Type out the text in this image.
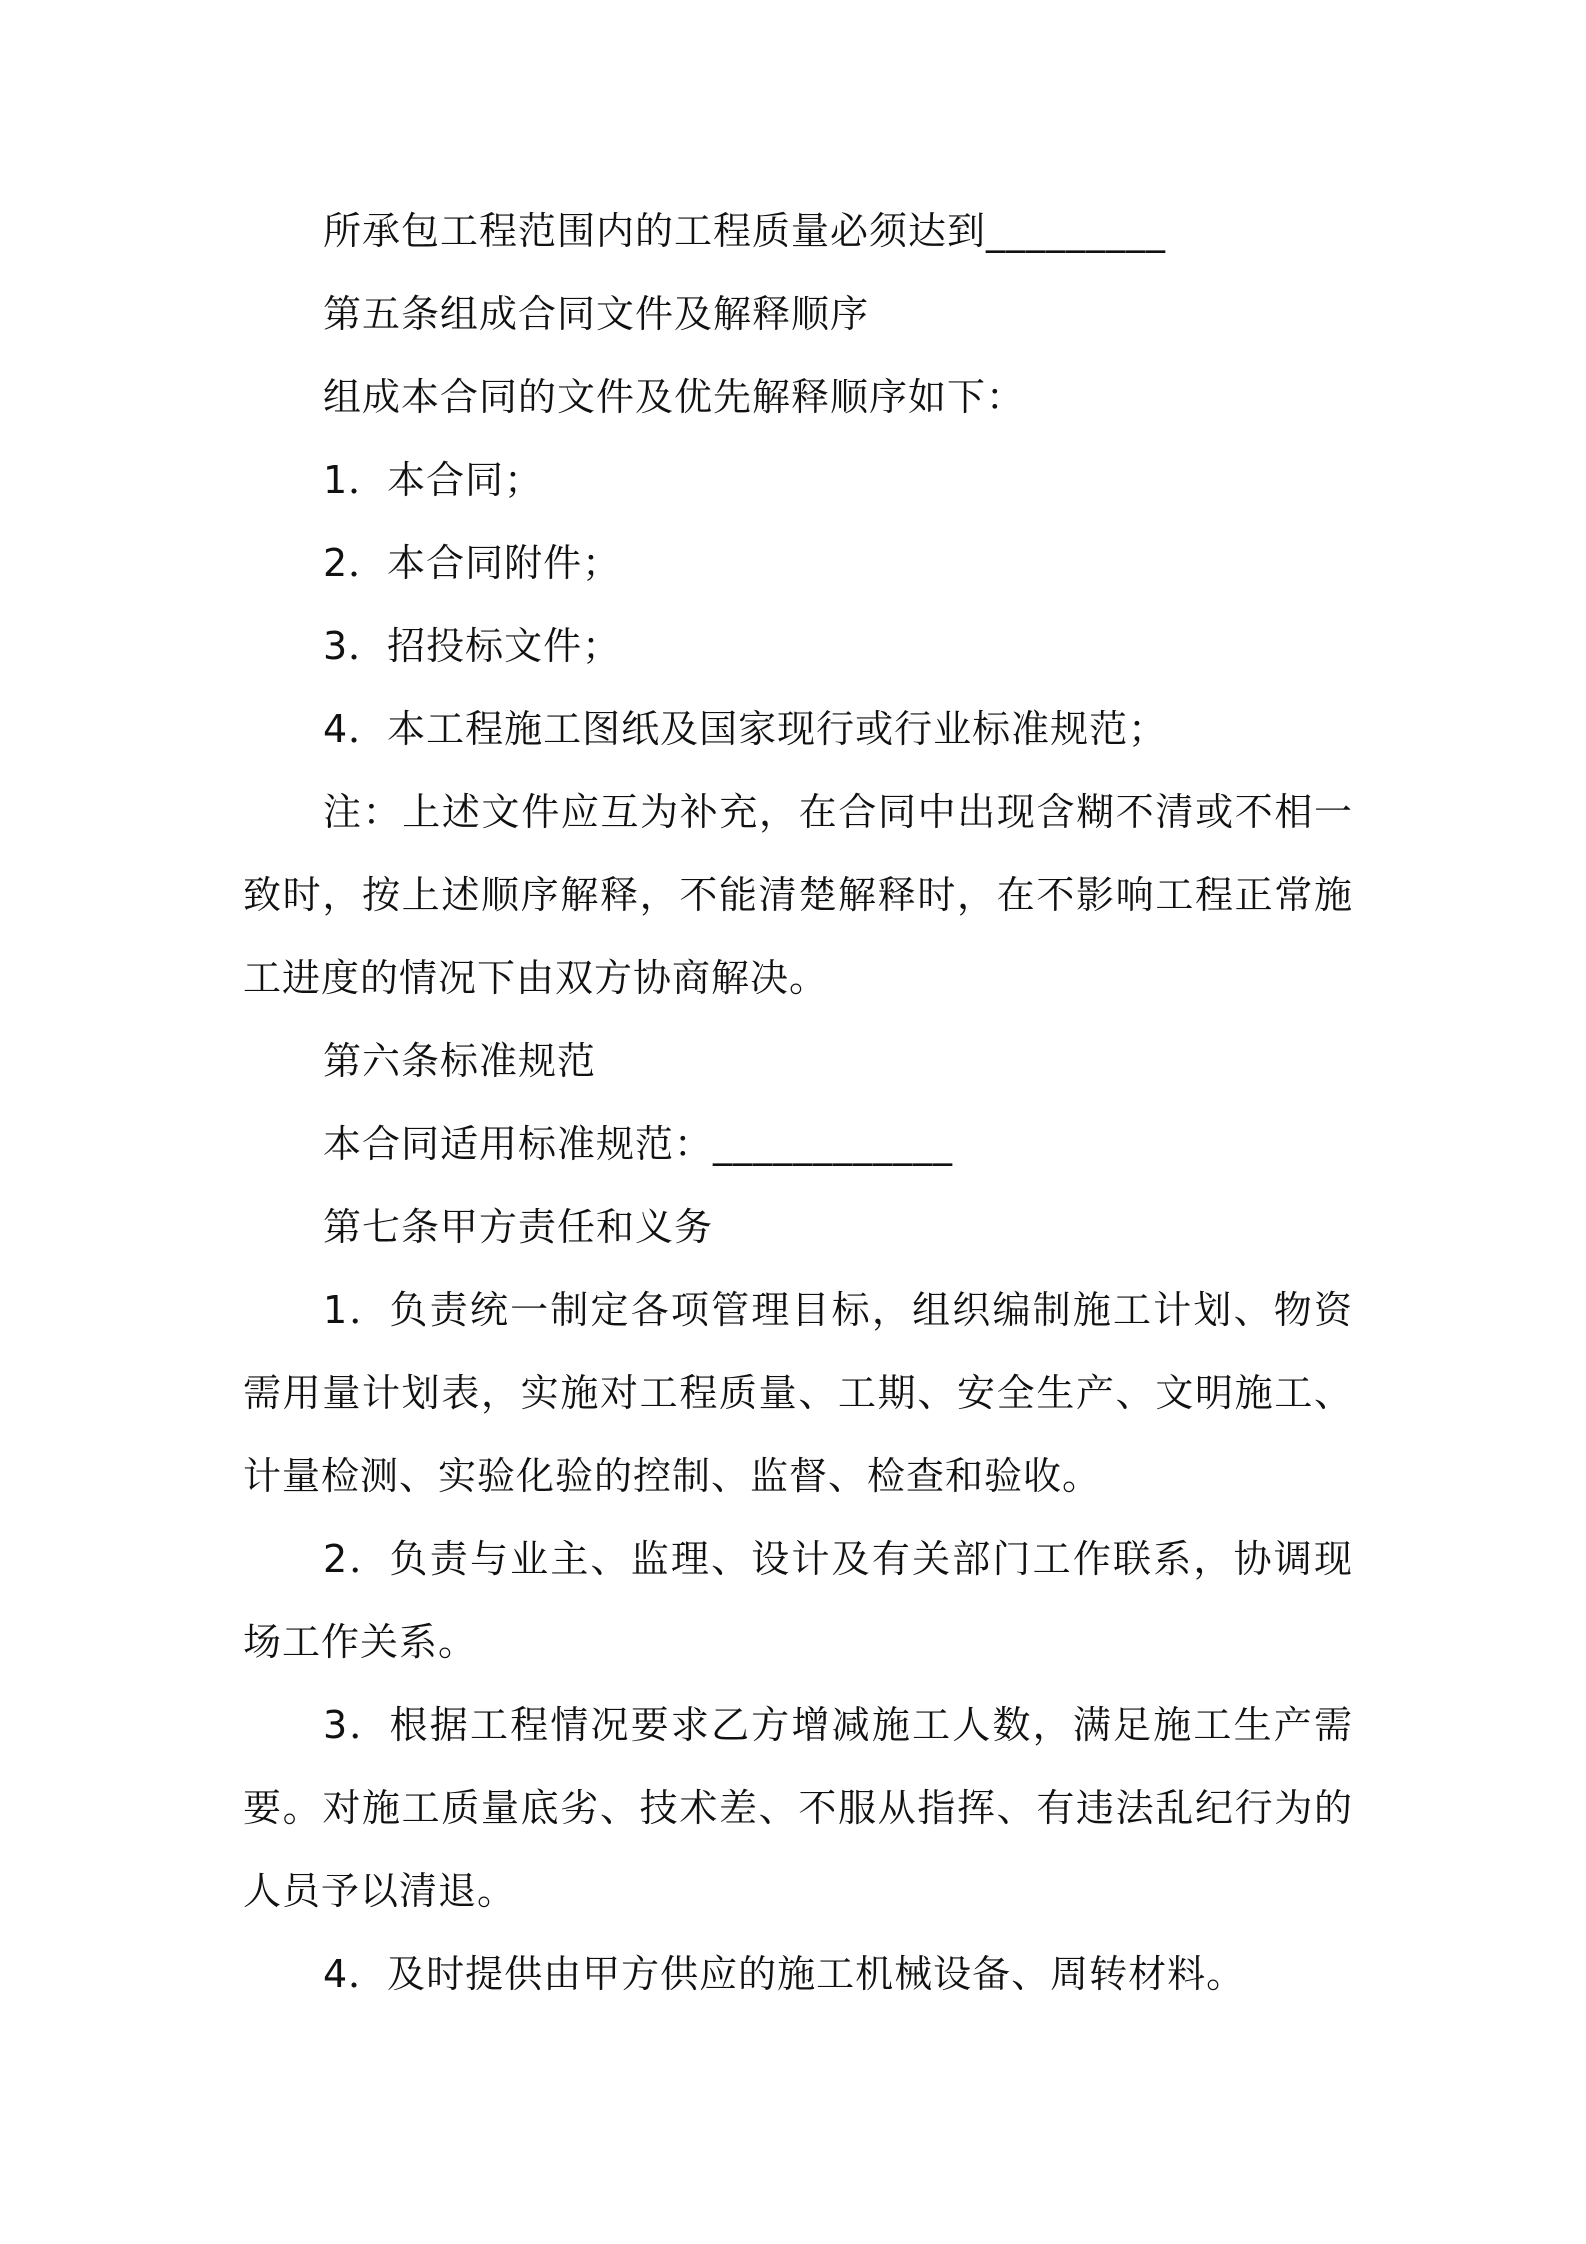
所承包工程范围内的工程质量必须达到_________
第五条组成合同文件及解释顺序
组成本合同的文件及优先解释顺序如下：
1．本合同；
2．本合同附件；
3．招投标文件；
4．本工程施工图纸及国家现行或行业标准规范；
注：上述文件应互为补充，在合同中出现含糊不清或不相一
致时，按上述顺序解释，不能清楚解释时，在不影响工程正常施
工进度的情况下由双方协商解决。
第六条标准规范
本合同适用标准规范：____________
第七条甲方责任和义务
1．负责统一制定各项管理目标，组织编制施工计划、物资
需用量计划表，实施对工程质量、工期、安全生产、文明施工、
计量检测、实验化验的控制、监督、检查和验收。
2．负责与业主、监理、设计及有关部门工作联系，协调现
场工作关系。
3．根据工程情况要求乙方增减施工人数，满足施工生产需
要。对施工质量底劣、技术差、不服从指挥、有违法乱纪行为的
人员予以清退。
4．及时提供由甲方供应的施工机械设备、周转材料。
